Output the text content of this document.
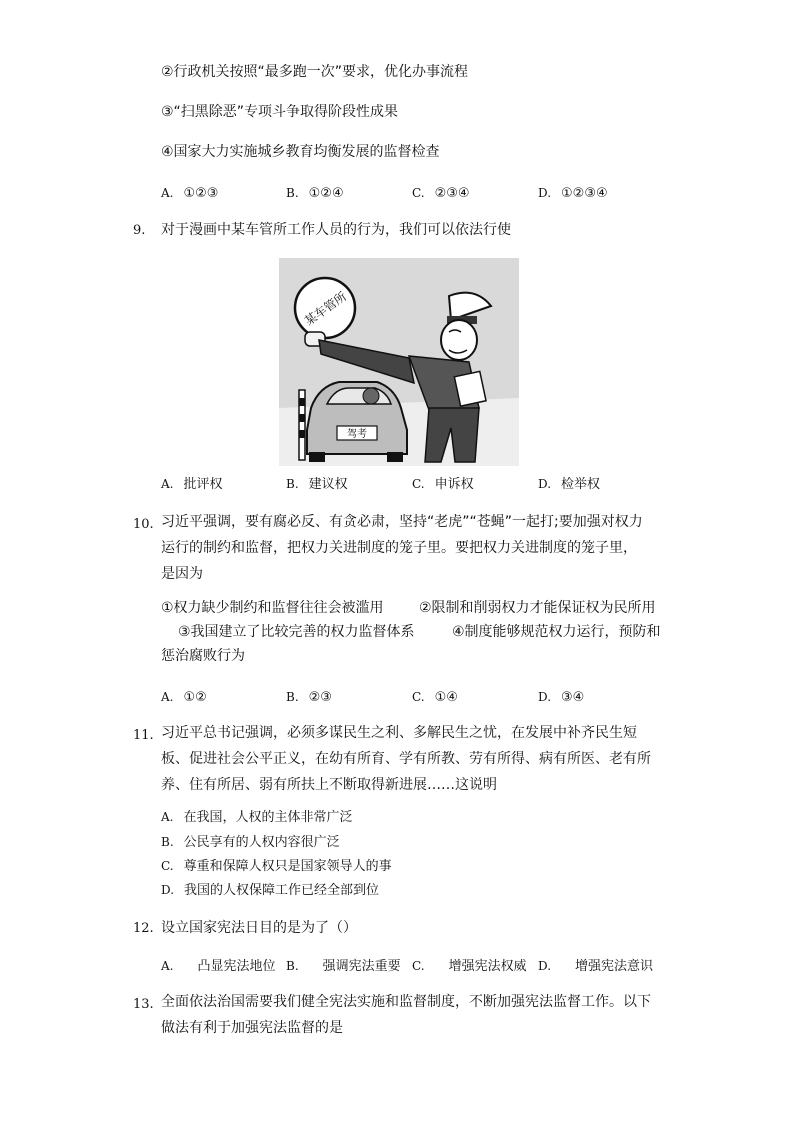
②行政机关按照“最多跑一次”要求，优化办事流程
③“扫黑除恶”专项斗争取得阶段性成果
④国家大力实施城乡教育均衡发展的监督检查
A. ①②③	B. ①②④	C. ②③④	D. ①②③④
9. 对于漫画中某车管所工作人员的行为，我们可以依法行使
某车管所
驾考
A. 批评权	B. 建议权	C. 申诉权	D. 检举权
10. 习近平强调，要有腐必反、有贪必肃，坚持“老虎”“苍蝇”一起打;要加强对权力运行的制约和监督，把权力关进制度的笼子里。要把权力关进制度的笼子里，是因为
①权力缺少制约和监督往往会被滥用	②限制和削弱权力才能保证权为民所用
③我国建立了比较完善的权力监督体系	④制度能够规范权力运行，预防和
惩治腐败行为
A. ①②	B. ②③	C. ①④	D. ③④
11. 习近平总书记强调，必须多谋民生之利、多解民生之忧，在发展中补齐民生短板、促进社会公平正义，在幼有所育、学有所教、劳有所得、病有所医、老有所养、住有所居、弱有所扶上不断取得新进展……这说明
A. 在我国，人权的主体非常广泛
B. 公民享有的人权内容很广泛
C. 尊重和保障人权只是国家领导人的事
D. 我国的人权保障工作已经全部到位
12. 设立国家宪法日目的是为了（）
A. 凸显宪法地位 B. 强调宪法重要 C. 增强宪法权威 D. 增强宪法意识
13. 全面依法治国需要我们健全宪法实施和监督制度，不断加强宪法监督工作。以下做法有利于加强宪法监督的是
